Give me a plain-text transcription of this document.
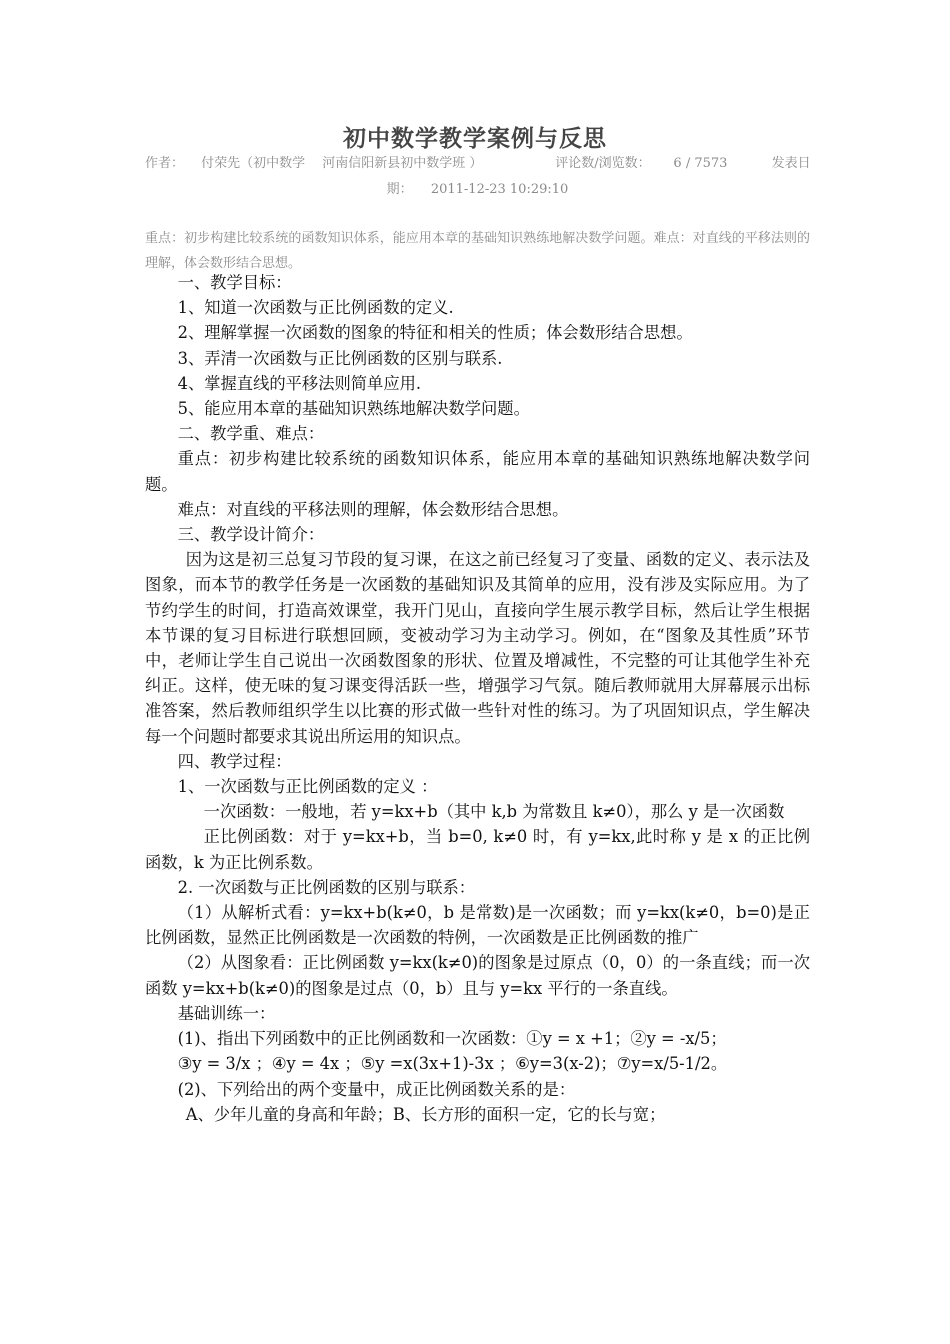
初中数学教学案例与反思
作者： 付荣先（初中数学　 河南信阳新县初中数学班 ）	评论数/浏览数： 6 / 7573	发表日
期： 2011-12-23 10:29:10
重点：初步构建比较系统的函数知识体系，能应用本章的基础知识熟练地解决数学问题。难点：对直线的平移法则的理解，体会数形结合思想。

一、教学目标：

1、知道一次函数与正比例函数的定义.

2、理解掌握一次函数的图象的特征和相关的性质；体会数形结合思想。

3、弄清一次函数与正比例函数的区别与联系.

4、掌握直线的平移法则简单应用.

5、能应用本章的基础知识熟练地解决数学问题。

二、教学重、难点：

重点：初步构建比较系统的函数知识体系，能应用本章的基础知识熟练地解决数学问题。

难点：对直线的平移法则的理解，体会数形结合思想。

三、教学设计简介：

因为这是初三总复习节段的复习课，在这之前已经复习了变量、函数的定义、表示法及图象，而本节的教学任务是一次函数的基础知识及其简单的应用，没有涉及实际应用。为了节约学生的时间，打造高效课堂，我开门见山，直接向学生展示教学目标，然后让学生根据本节课的复习目标进行联想回顾，变被动学习为主动学习。例如，在“图象及其性质”环节中，老师让学生自己说出一次函数图象的形状、位置及增减性，不完整的可让其他学生补充纠正。这样，使无味的复习课变得活跃一些，增强学习气氛。随后教师就用大屏幕展示出标准答案，然后教师组织学生以比赛的形式做一些针对性的练习。为了巩固知识点，学生解决每一个问题时都要求其说出所运用的知识点。

四、教学过程：

1、一次函数与正比例函数的定义 ：

一次函数：一般地，若 y=kx+b（其中 k,b 为常数且 k≠0），那么 y 是一次函数

正比例函数：对于 y=kx+b，当 b=0, k≠0 时，有 y=kx,此时称 y 是 x 的正比例函数，k 为正比例系数。

2. 一次函数与正比例函数的区别与联系：

（1）从解析式看：y=kx+b(k≠0，b 是常数)是一次函数；而 y=kx(k≠0，b=0)是正比例函数，显然正比例函数是一次函数的特例，一次函数是正比例函数的推广

（2）从图象看：正比例函数 y=kx(k≠0)的图象是过原点（0，0）的一条直线；而一次函数 y=kx+b(k≠0)的图象是过点（0，b）且与 y=kx 平行的一条直线。

基础训练一：

(1)、指出下列函数中的正比例函数和一次函数：①y = x +1；②y = -x/5；

③y = 3/x ；④y = 4x ；⑤y =x(3x+1)-3x ；⑥y=3(x-2)；⑦y=x/5-1/2。

(2)、下列给出的两个变量中，成正比例函数关系的是：

A、少年儿童的身高和年龄；B、长方形的面积一定，它的长与宽；
